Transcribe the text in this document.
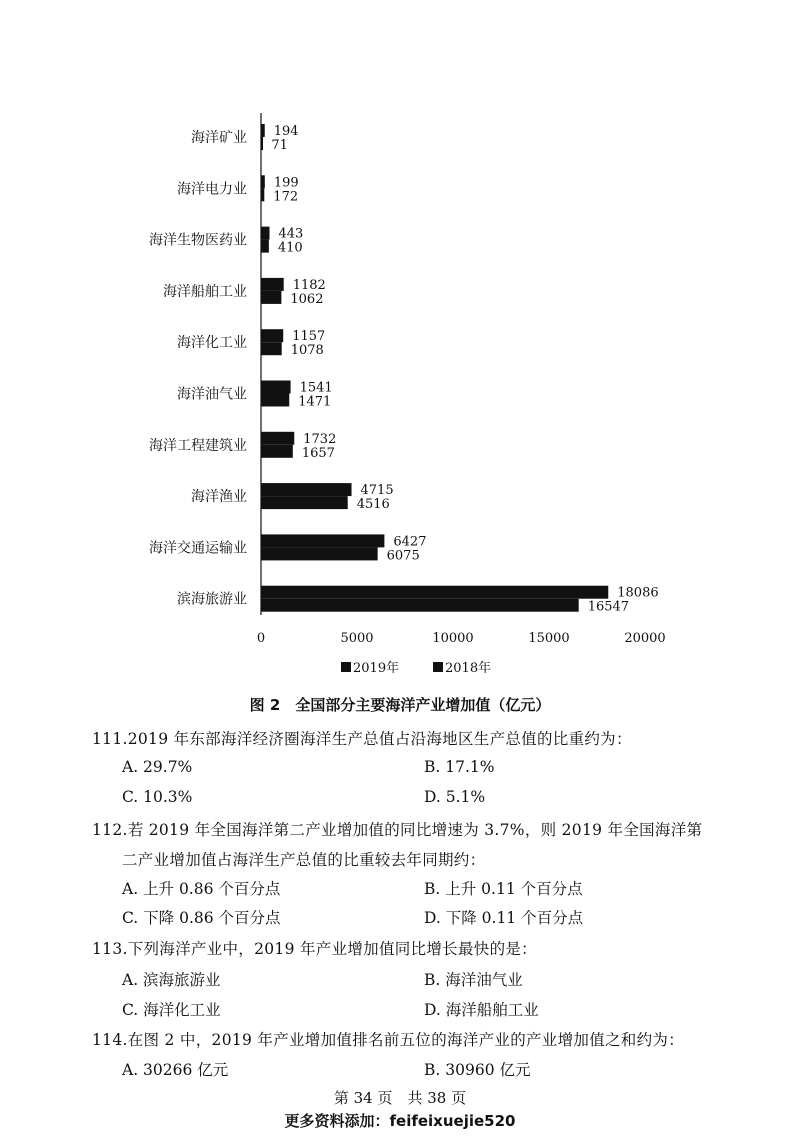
海洋矿业 194
71
海洋电力业 199
172
海洋生物医药业 443
410
海洋船舶工业	1182
1062
海洋化工业	1157
1078
海洋油气业	1541
1471
海洋工程建筑业	1732
1657
海洋渔业	4715
4516
海洋交通运输业	6427
6075
滨海旅游业	18086
16547
0	5000	10000	15000	20000
2019年	2018年
图 2　全国部分主要海洋产业增加值（亿元）
111.2019 年东部海洋经济圈海洋生产总值占沿海地区生产总值的比重约为：
A. 29.7%	B. 17.1%
C. 10.3%	D. 5.1%
112.若 2019 年全国海洋第二产业增加值的同比增速为 3.7%，则 2019 年全国海洋第
二产业增加值占海洋生产总值的比重较去年同期约：
A. 上升 0.86 个百分点	B. 上升 0.11 个百分点
C. 下降 0.86 个百分点	D. 下降 0.11 个百分点
113.下列海洋产业中，2019 年产业增加值同比增长最快的是：
A. 滨海旅游业	B. 海洋油气业
C. 海洋化工业	D. 海洋船舶工业
114.在图 2 中，2019 年产业增加值排名前五位的海洋产业的产业增加值之和约为：
A. 30266 亿元	B. 30960 亿元
第 34 页　共 38 页
更多资料添加：feifeixuejie520
